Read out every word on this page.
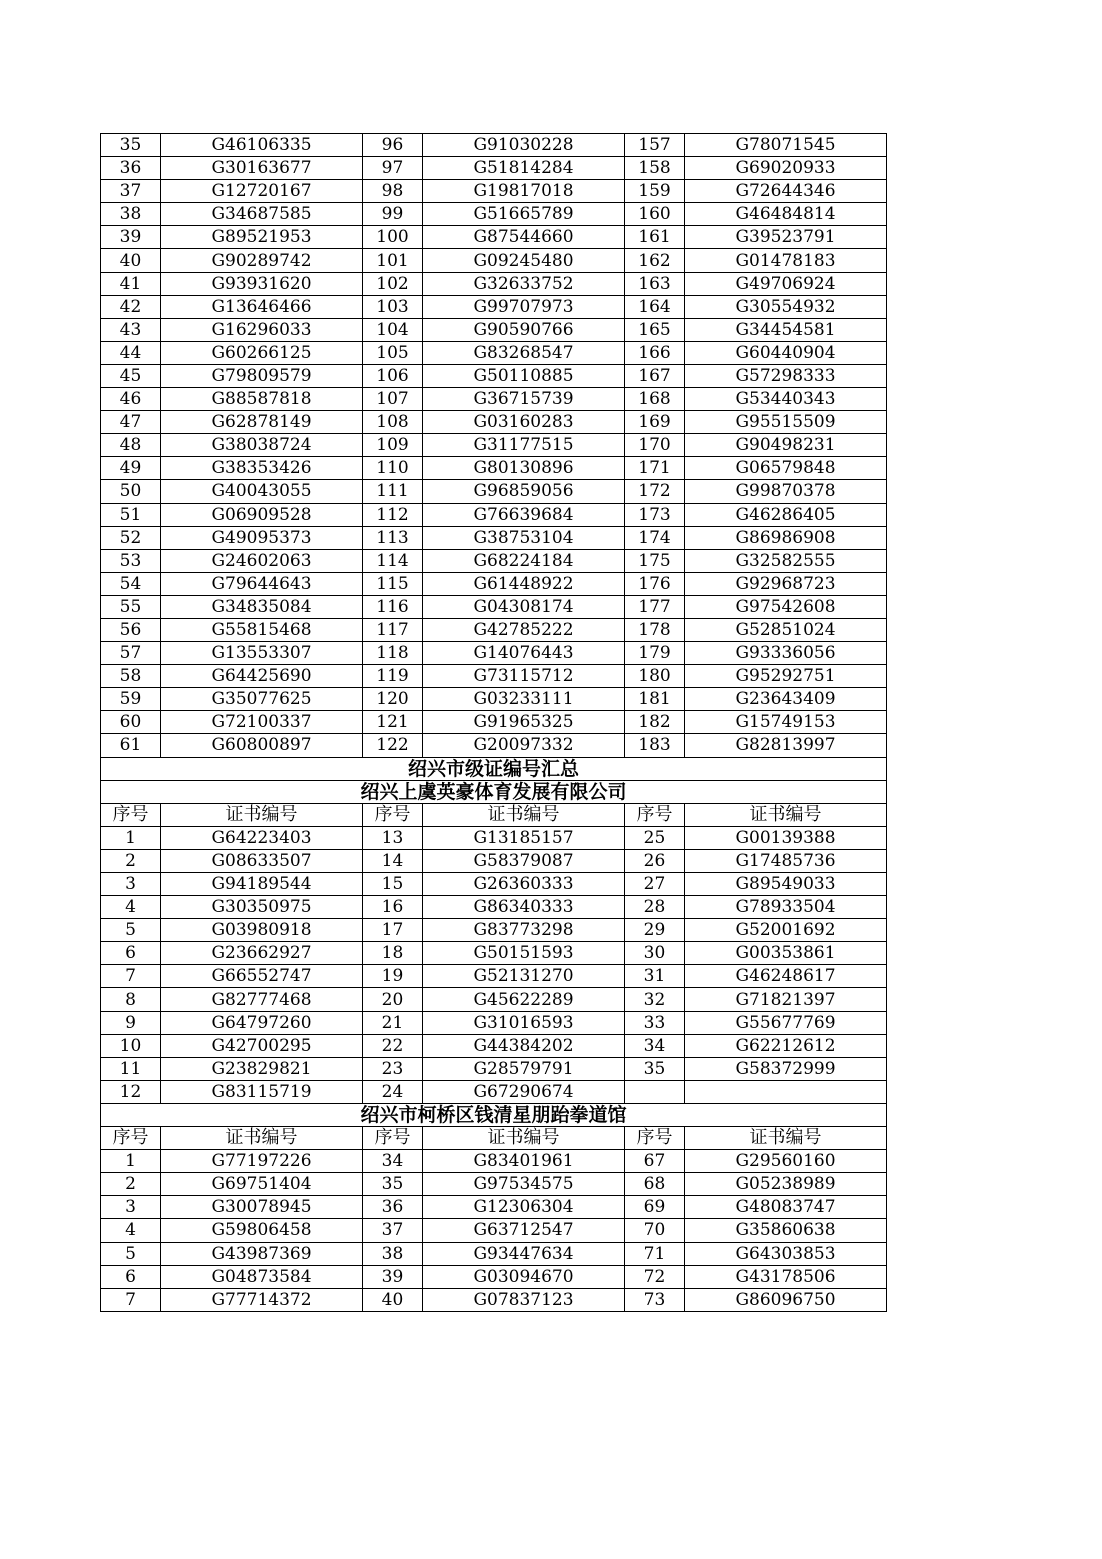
35	G46106335	96	G91030228	157	G78071545
36	G30163677	97	G51814284	158	G69020933
37	G12720167	98	G19817018	159	G72644346
38	G34687585	99	G51665789	160	G46484814
39	G89521953	100	G87544660	161	G39523791
40	G90289742	101	G09245480	162	G01478183
41	G93931620	102	G32633752	163	G49706924
42	G13646466	103	G99707973	164	G30554932
43	G16296033	104	G90590766	165	G34454581
44	G60266125	105	G83268547	166	G60440904
45	G79809579	106	G50110885	167	G57298333
46	G88587818	107	G36715739	168	G53440343
47	G62878149	108	G03160283	169	G95515509
48	G38038724	109	G31177515	170	G90498231
49	G38353426	110	G80130896	171	G06579848
50	G40043055	111	G96859056	172	G99870378
51	G06909528	112	G76639684	173	G46286405
52	G49095373	113	G38753104	174	G86986908
53	G24602063	114	G68224184	175	G32582555
54	G79644643	115	G61448922	176	G92968723
55	G34835084	116	G04308174	177	G97542608
56	G55815468	117	G42785222	178	G52851024
57	G13553307	118	G14076443	179	G93336056
58	G64425690	119	G73115712	180	G95292751
59	G35077625	120	G03233111	181	G23643409
60	G72100337	121	G91965325	182	G15749153
61	G60800897	122	G20097332	183	G82813997
绍兴市级证编号汇总					
绍兴上虞英豪体育发展有限公司					
序号	证书编号	序号	证书编号	序号	证书编号
1	G64223403	13	G13185157	25	G00139388
2	G08633507	14	G58379087	26	G17485736
3	G94189544	15	G26360333	27	G89549033
4	G30350975	16	G86340333	28	G78933504
5	G03980918	17	G83773298	29	G52001692
6	G23662927	18	G50151593	30	G00353861
7	G66552747	19	G52131270	31	G46248617
8	G82777468	20	G45622289	32	G71821397
9	G64797260	21	G31016593	33	G55677769
10	G42700295	22	G44384202	34	G62212612
11	G23829821	23	G28579791	35	G58372999
12	G83115719	24	G67290674		
绍兴市柯桥区钱清星朋跆拳道馆					
序号	证书编号	序号	证书编号	序号	证书编号
1	G77197226	34	G83401961	67	G29560160
2	G69751404	35	G97534575	68	G05238989
3	G30078945	36	G12306304	69	G48083747
4	G59806458	37	G63712547	70	G35860638
5	G43987369	38	G93447634	71	G64303853
6	G04873584	39	G03094670	72	G43178506
7	G77714372	40	G07837123	73	G86096750
